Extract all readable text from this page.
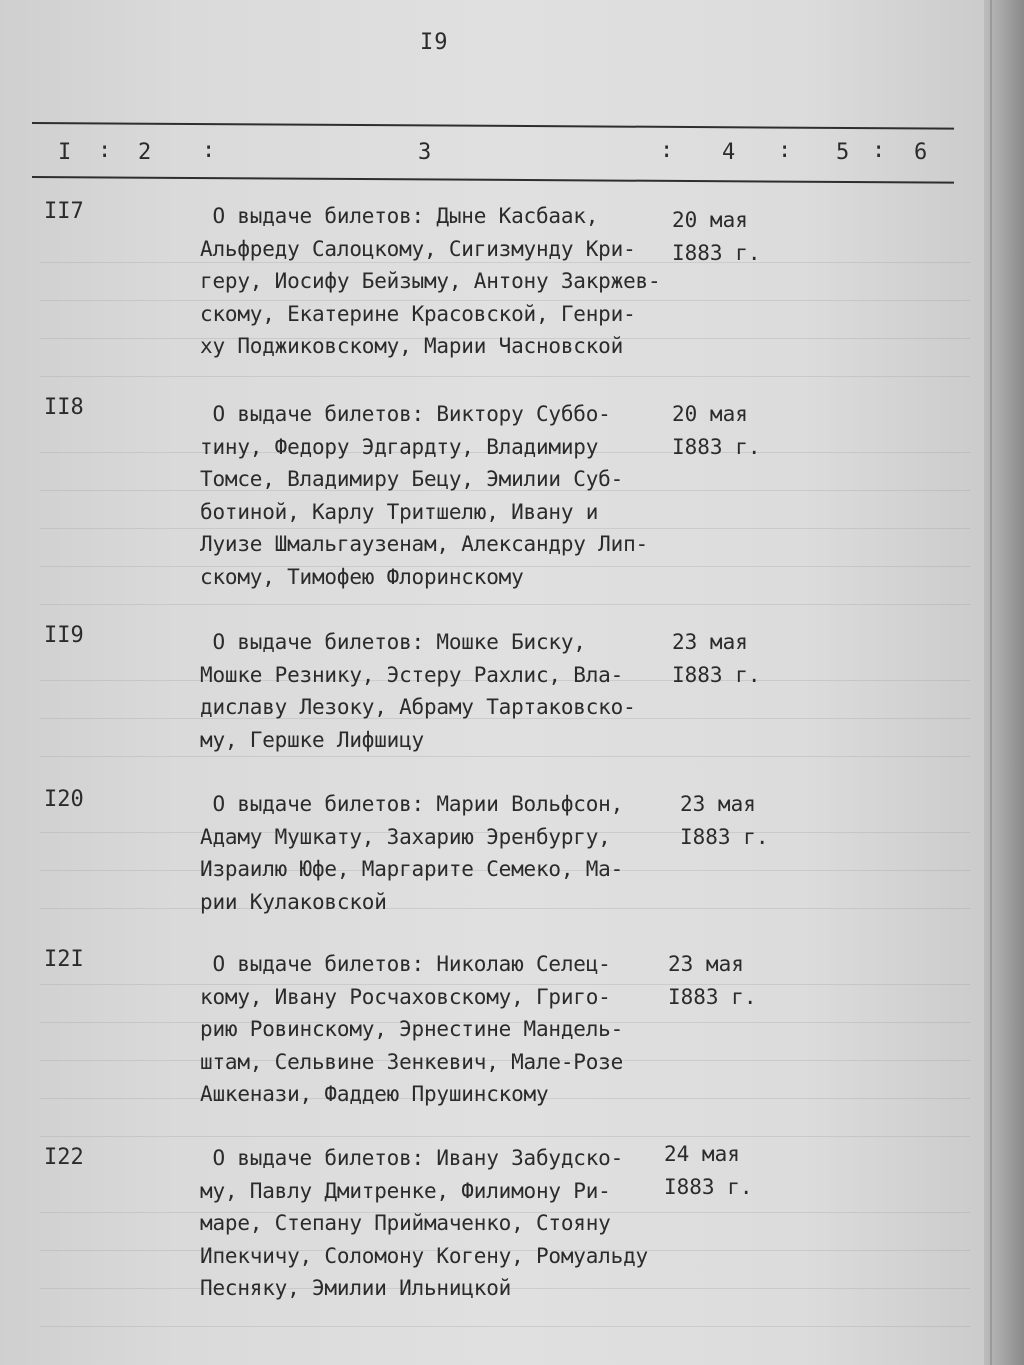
I9
I : 2 :	3	: 4 : 5 : 6
II7	О выдаче билетов: Дыне Касбаак,
Альфреду Салоцкому, Сигизмунду Кри-
геру, Иосифу Бейзыму, Антону Закржев-
скому, Екатерине Красовской, Генри-
ху Поджиковскому, Марии Часновской
20 мая
I883 г.
II8	О выдаче билетов: Виктору Суббо-
тину, Федору Эдгардту, Владимиру
Томсе, Владимиру Бецу, Эмилии Суб-
ботиной, Карлу Тритшелю, Ивану и
Луизе Шмальгаузенам, Александру Лип-
скому, Тимофею Флоринскому
20 мая
I883 г.
II9	О выдаче билетов: Мошке Биску,
Мошке Резнику, Эстеру Рахлис, Вла-
диславу Лезоку, Абраму Тартаковско-
му, Гершке Лифшицу
23 мая
I883 г.
I20	О выдаче билетов: Марии Вольфсон,
Адаму Мушкату, Захарию Эренбургу,
Израилю Юфе, Маргарите Семеко, Ма-
рии Кулаковской
23 мая
I883 г.
I2I	О выдаче билетов: Николаю Селец-
кому, Ивану Росчаховскому, Григо-
рию Ровинскому, Эрнестине Мандель-
штам, Сельвине Зенкевич, Мале-Розе
Ашкенази, Фаддею Прушинскому
23 мая
I883 г.
I22	О выдаче билетов: Ивану Забудско-
му, Павлу Дмитренке, Филимону Ри-
маре, Степану Приймаченко, Стояну
Ипекчичу, Соломону Когену, Ромуальду
Песняку, Эмилии Ильницкой
24 мая
I883 г.
